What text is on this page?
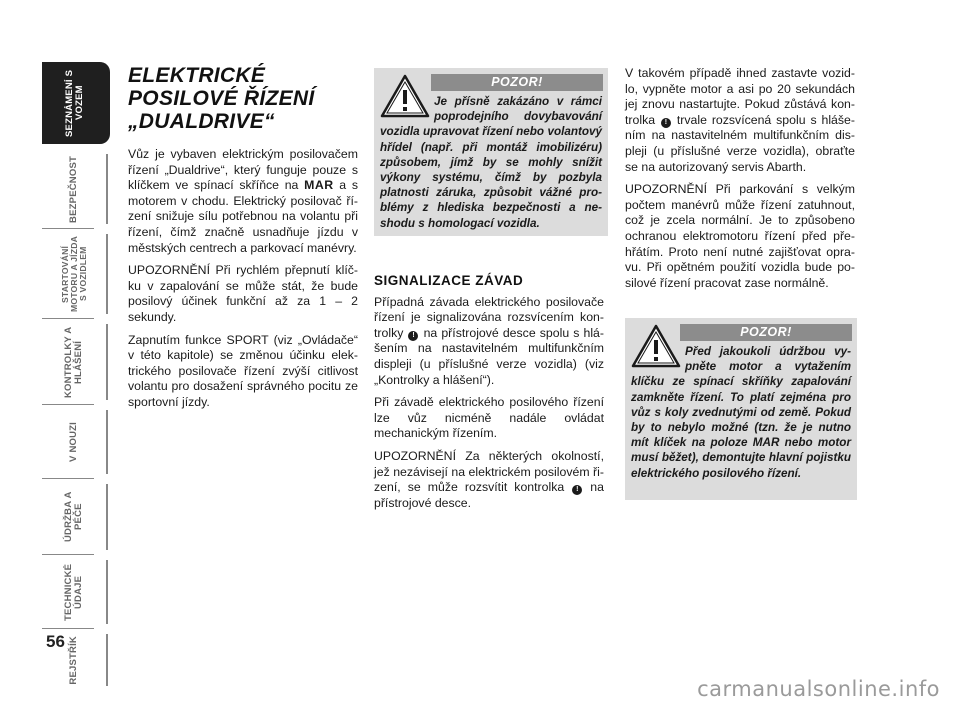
SEZNÁMENÍ S VOZEM
BEZPEČNOST
STARTOVÁNÍ MOTORU A JÍZDA S VOZIDLEM
KONTROLKY A HLÁŠENÍ
V NOUZI
ÚDRŽBA A PÉČE
TECHNICKÉ ÚDAJE
REJSTŘÍK
56
ELEKTRICKÉ POSILOVÉ ŘÍZENÍ „DUALDRIVE“

Vůz je vybaven elektrickým posilovačem řízení „Dualdrive“, který funguje pouze s klíčkem ve spínací skříňce na MAR a s motorem v chodu. Elektrický posilovač řízení snižuje sílu potřebnou na volantu při řízení, čímž značně usnadňuje jízdu v městských centrech a parkovací manévry.

UPOZORNĚNÍ Při rychlém přepnutí klíčku v zapalování se může stát, že bude posilový účinek funkční až za 1 – 2 sekundy.

Zapnutím funkce SPORT (viz „Ovládače“ v této kapitole) se změnou účinku elektrického posilovače řízení zvýší citlivost volantu pro dosažení správného pocitu ze sportovní jízdy.

POZOR!
Je přísně zakázáno v rámci poprodejního dovybavování vozidla upravovat řízení nebo volantový hřídel (např. při montáž imobilizéru) způsobem, jímž by se mohly snížit výkony systému, čímž by pozbyla platnosti záruka, způsobit vážné problémy z hlediska bezpečnosti a neshodu s homologací vozidla.
SIGNALIZACE ZÁVAD

Případná závada elektrického posilovače řízení je signalizována rozsvícením kontrolky ! na přístrojové desce spolu s hlášením na nastavitelném multifunkčním displeji (u příslušné verze vozidla) (viz „Kontrolky a hlášení“).

Při závadě elektrického posilového řízení lze vůz nicméně nadále ovládat mechanickým řízením.

UPOZORNĚNÍ Za některých okolností, jež nezávisejí na elektrickém posilovém řizení, se může rozsvítit kontrolka ! na přístrojové desce.

V takovém případě ihned zastavte vozidlo, vypněte motor a asi po 20 sekundách jej znovu nastartujte. Pokud zůstává kontrolka ! trvale rozsvícená spolu s hlášením na nastavitelném multifunkčním displeji (u příslušné verze vozidla), obraťte se na autorizovaný servis Abarth.

UPOZORNĚNÍ Při parkování s velkým počtem manévrů může řízení zatuhnout, což je zcela normální. Je to způsobeno ochranou elektromotoru řízení před přehřátím. Proto není nutné zajišťovat opravu. Při opětném použití vozidla bude posilové řízení pracovat zase normálně.

POZOR!
Před jakoukoli údržbou vypněte motor a vytažením klíčku ze spínací skříňky zapalování zamkněte řízení. To platí zejména pro vůz s koly zvednutými od země. Pokud by to nebylo možné (tzn. že je nutno mít klíček na poloze MAR nebo motor musí běžet), demontujte hlavní pojistku elektrického posilového řízení.
carmanualsonline.info
